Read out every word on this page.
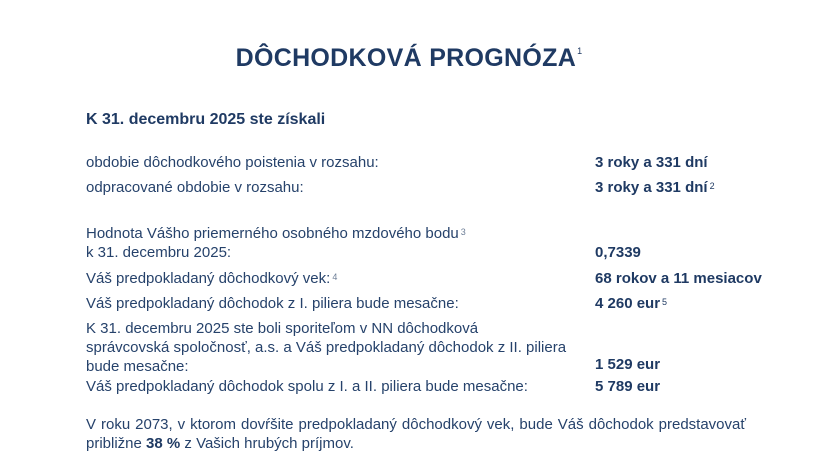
DÔCHODKOVÁ PROGNÓZA$^1$
K 31. decembru 2025 ste získali
obdobie dôchodkového poistenia v rozsahu:	3 roky a 331 dní
odpracované obdobie v rozsahu:	3 roky a 331 dní $^2$
Hodnota Vášho priemerného osobného mzdového bodu $^3$
k 31. decembru 2025:	0,7339
Váš predpokladaný dôchodkový vek: $^4$	68 rokov a 11 mesiacov
Váš predpokladaný dôchodok z I. piliera bude mesačne:	4 260 eur $^5$
K 31. decembru 2025 ste boli sporiteľom v NN dôchodková
správcovská spoločnosť, a.s. a Váš predpokladaný dôchodok z II. piliera
bude mesačne:	1 529 eur
Váš predpokladaný dôchodok spolu z I. a II. piliera bude mesačne:	5 789 eur
V roku 2073, v ktorom dovŕšite predpokladaný dôchodkový vek, bude Váš dôchodok predstavovať približne 38 % z Vašich hrubých príjmov.
